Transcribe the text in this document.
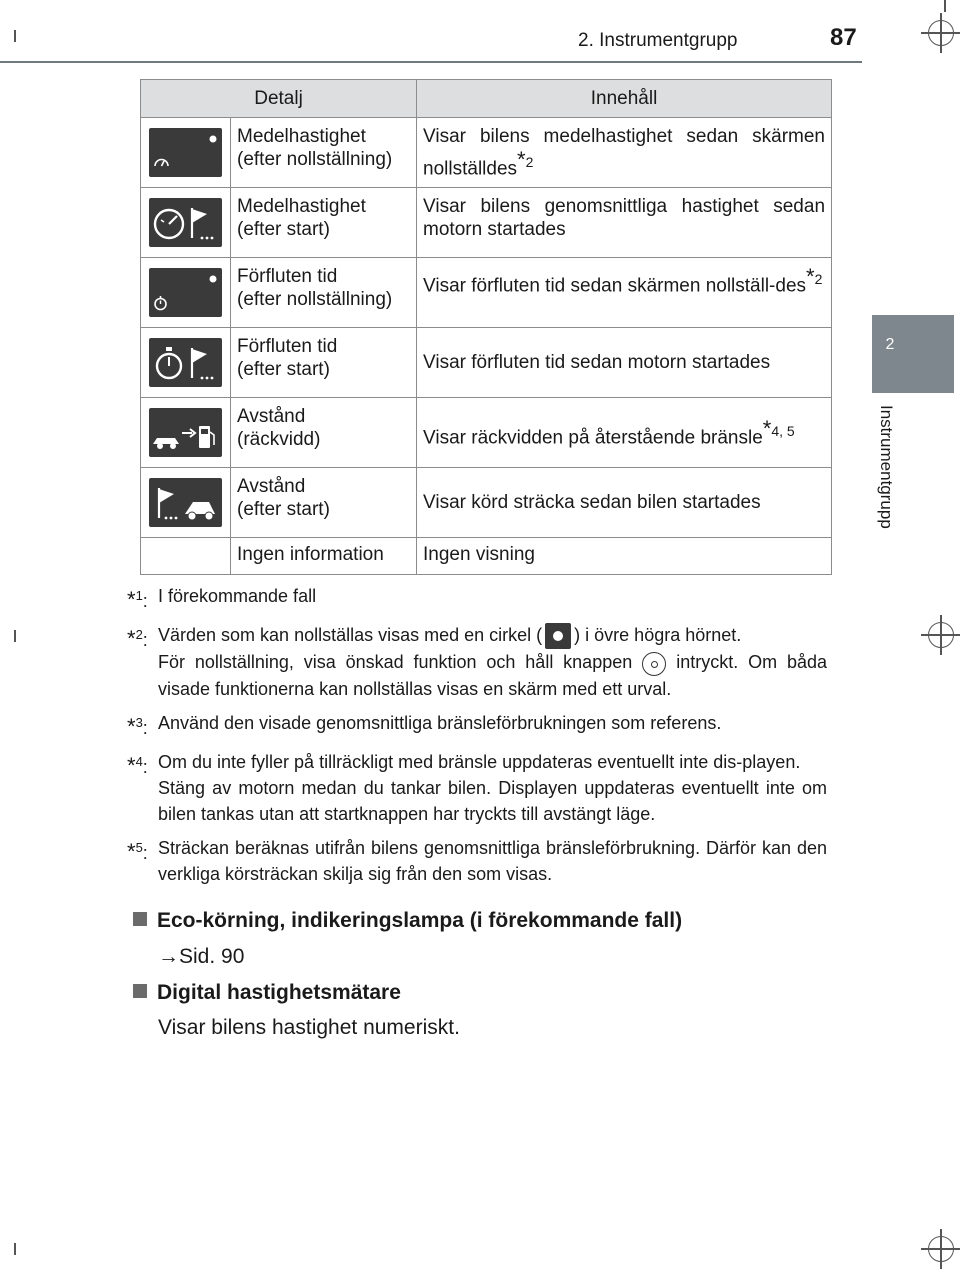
2. Instrumentgrupp	87
2
Instrumentgrupp
Detalj		Innehåll

Medelhastighet
(efter nollställning)	Visar bilens medelhastighet sedan skärmen nollställdes$^{*2}$

Medelhastighet
(efter start)	Visar bilens genomsnittliga hastighet sedan motorn startades

Förfluten tid
(efter nollställning)	Visar förfluten tid sedan skärmen nollställ-des$^{*2}$

Förfluten tid
(efter start)	Visar förfluten tid sedan motorn startades

Avstånd
(räckvidd)	Visar räckvidden på återstående bränsle$^{*4, 5}$

Avstånd
(efter start)	Visar körd sträcka sedan bilen startades
	Ingen information	Ingen visning
*$^1$: I förekommande fall
*$^2$: Värden som kan nollställas visas med en cirkel ( ) i övre högra hörnet.

För nollställning, visa önskad funktion och håll knappen intryckt. Om båda visade funktionerna kan nollställas visas en skärm med ett urval.

*$^3$: Använd den visade genomsnittliga bränsleförbrukningen som referens.
*$^4$: Om du inte fyller på tillräckligt med bränsle uppdateras eventuellt inte dis-playen.

Stäng av motorn medan du tankar bilen. Displayen uppdateras eventuellt inte om bilen tankas utan att startknappen har tryckts till avstängt läge.

*$^5$: Sträckan beräknas utifrån bilens genomsnittliga bränsleförbrukning. Därför kan den verkliga körsträckan skilja sig från den som visas.
Eco-körning, indikeringslampa (i förekommande fall)
→Sid. 90
Digital hastighetsmätare
Visar bilens hastighet numeriskt.
